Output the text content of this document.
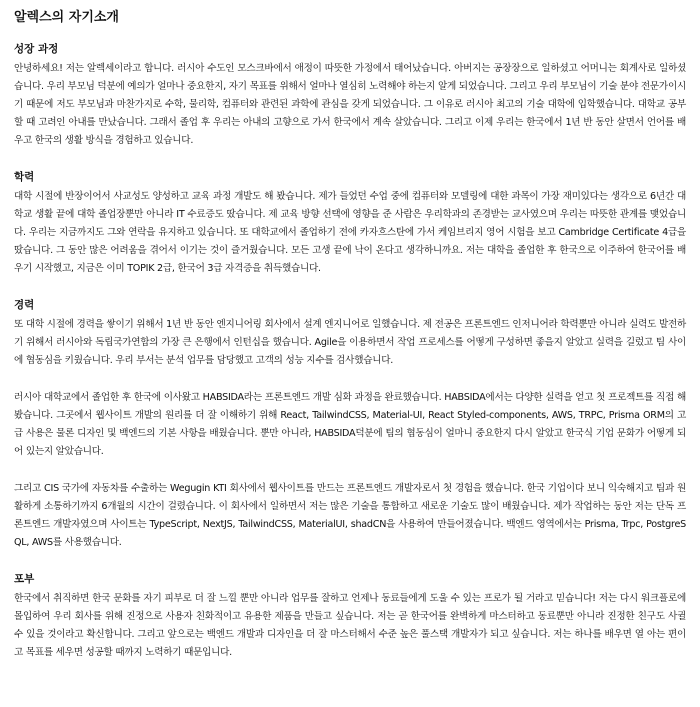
알렉스의 자기소개
성장 과정

안녕하세요! 저는 알렉세이라고 합니다. 러시아 수도인 모스크바에서 애정이 따뜻한 가정에서 태어났습니다. 아버지는 공장장으로 일하셨고 어머니는 회계사로 일하셨습니다. 우리 부모님 덕분에 예의가 얼마나 중요한지, 자기 목표를 위해서 얼마나 열심히 노력해야 하는지 알게 되었습니다. 그리고 우리 부모님이 기술 분야 전문가이시기 때문에 저도 부모님과 마찬가지로 수학, 물리학, 컴퓨터와 관련된 과학에 관심을 갖게 되었습니다. 그 이유로 러시아 최고의 기술 대학에 입학했습니다. 대학교 공부할 때 고려인 아내를 만났습니다. 그래서 졸업 후 우리는 아내의 고향으로 가서 한국에서 계속 살았습니다. 그리고 이제 우리는 한국에서 1년 반 동안 살면서 언어를 배우고 한국의 생활 방식을 경험하고 있습니다.

학력

대학 시절에 반장이어서 사교성도 양성하고 교육 과정 개발도 해 봤습니다. 제가 들었던 수업 중에 컴퓨터와 모델링에 대한 과목이 가장 재미있다는 생각으로 6년간 대학교 생활 끝에 대학 졸업장뿐만 아니라 IT 수료증도 땄습니다. 제 교육 방향 선택에 영향을 준 사람은 우리학과의 존경받는 교사였으며 우리는 따뜻한 관계를 맺었습니다. 우리는 지금까지도 그와 연락을 유지하고 있습니다. 또 대학교에서 졸업하기 전에 카자흐스탄에 가서 케임브리지 영어 시험을 보고 Cambridge Certificate 4급을 땄습니다. 그 동안 많은 어려움을 겪어서 이기는 것이 즐거웠습니다. 모든 고생 끝에 낙이 온다고 생각하니까요. 저는 대학을 졸업한 후 한국으로 이주하여 한국어를 배우기 시작했고, 지금은 이미 TOPIK 2급, 한국어 3급 자격증을 취득했습니다.

경력

또 대학 시절에 경력을 쌓이기 위해서 1년 반 동안 엔지니어링 회사에서 설계 엔지니어로 일했습니다. 제 전공은 프론트엔드 인저니어라 학력뿐만 아니라 실력도 발전하기 위해서 러시아와 독립국가연합의 가장 큰 은행에서 인턴십을 했습니다. Agile을 이용하면서 작업 프로세스를 어떻게 구성하면 좋을지 알았고 실력을 길렀고 팀 사이에 협동심을 키웠습니다. 우리 부서는 분석 업무를 담당했고 고객의 성능 지수를 검사했습니다.

러시아 대학교에서 졸업한 후 한국에 이사왔고 HABSIDA라는 프론트엔드 개발 심화 과정을 완료했습니다. HABSIDA에서는 다양한 실력을 얻고 첫 프로젝트를 직접 해 봤습니다. 그곳에서 웹사이트 개발의 원리를 더 잘 이해하기 위해 React, TailwindCSS, Material-UI, React Styled-components, AWS, TRPC, Prisma ORM의 고급 사용은 물론 디자인 및 백엔드의 기본 사항을 배웠습니다. 뿐만 아니라, HABSIDA덕분에 팀의 협동심이 얼마니 중요한지 다시 알았고 한국식 기업 문화가 어떻게 되어 있는지 알았습니다.

그리고 CIS 국가에 자동차를 수출하는 Wegugin KTI 회사에서 웹사이트를 만드는 프론트엔드 개발자로서 첫 경험을 했습니다. 한국 기업이다 보니 익숙해지고 팀과 원활하게 소통하기까지 6개월의 시간이 걸렸습니다. 이 회사에서 일하면서 저는 많은 기술을 통합하고 새로운 기술도 많이 배웠습니다. 제가 작업하는 동안 저는 단독 프론트엔드 개발자였으며 사이트는 TypeScript, NextJS, TailwindCSS, MaterialUI, shadCN을 사용하여 만들어졌습니다. 백엔드 영역에서는 Prisma, Trpc, PostgreSQL, AWS를 사용했습니다.

포부

한국에서 취직하면 한국 문화를 자기 피부로 더 잘 느낄 뿐만 아니라 업무를 잘하고 언제나 동료들에게 도울 수 있는 프로가 될 거라고 믿습니다! 저는 다시 워크플로에 몰입하여 우리 회사를 위해 진정으로 사용자 친화적이고 유용한 제품을 만들고 싶습니다. 저는 곧 한국어를 완벽하게 마스터하고 동료뿐만 아니라 진정한 친구도 사귈 수 있을 것이라고 확신합니다. 그리고 앞으로는 백엔드 개발과 디자인을 더 잘 마스터해서 수준 높은 풀스택 개발자가 되고 싶습니다. 저는 하나를 배우면 열 아는 편이고 목표를 세우면 성공할 때까지 노력하기 때문입니다.
